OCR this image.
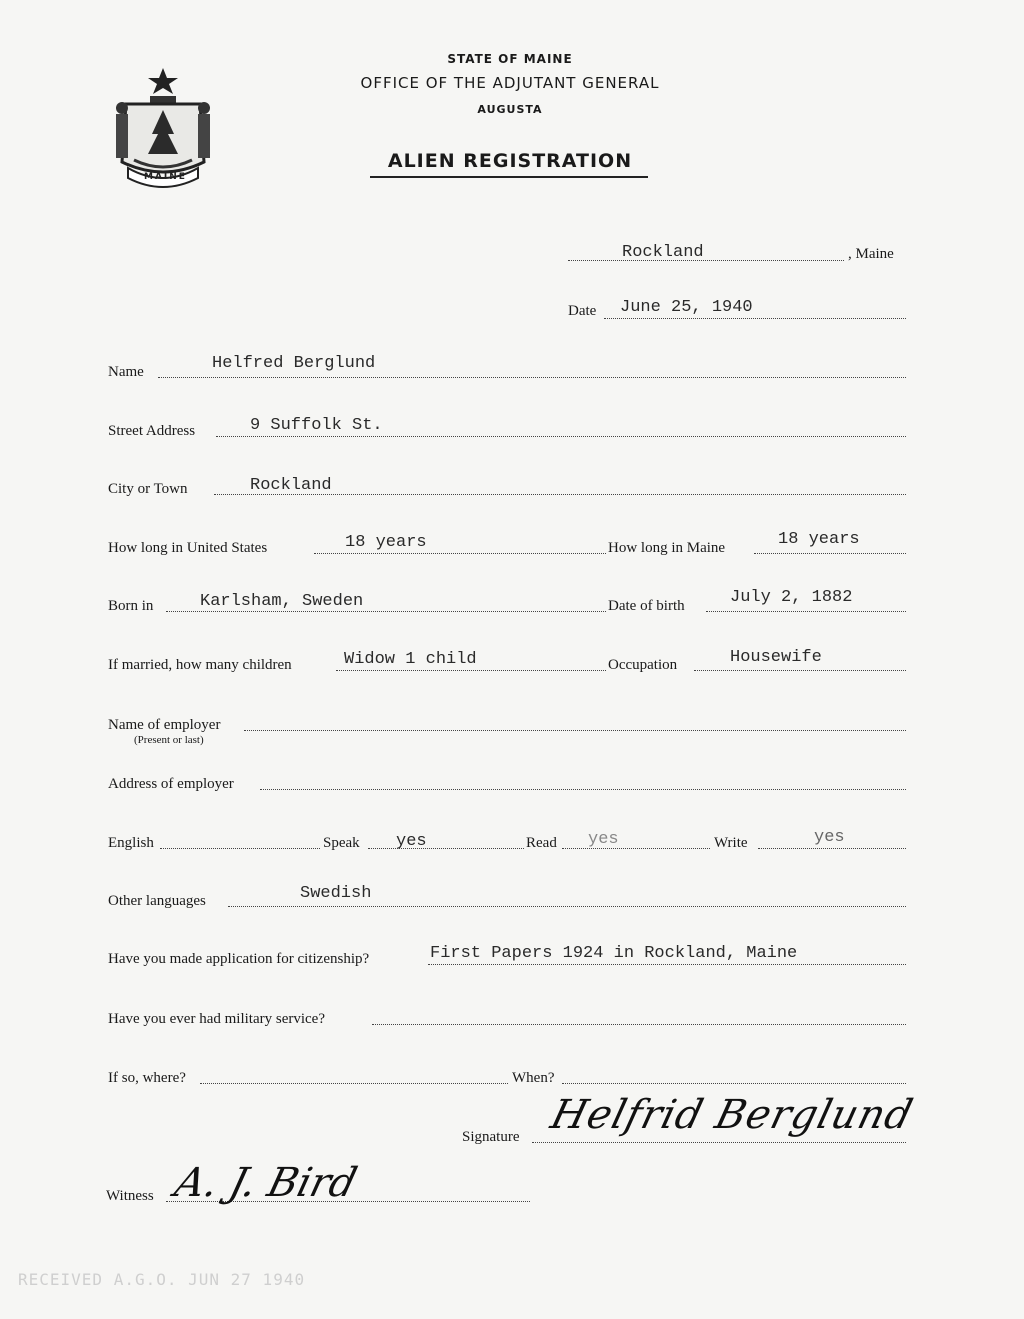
MAINE
STATE OF MAINE
OFFICE OF THE ADJUTANT GENERAL
AUGUSTA
ALIEN REGISTRATION
Rockland	, Maine
Date June 25, 1940
Name	Helfred Berglund
Street Address	9 Suffolk St.
City or Town	Rockland
How long in United States	18 years	How long in Maine	18 years
Born in	Karlsham, Sweden	Date of birth	July 2, 1882
If married, how many children	Widow 1 child	Occupation	Housewife
Name of employer
(Present or last)
Address of employer
English	Speak yes	Read yes	Write	yes
Other languages	Swedish
Have you made application for citizenship?	First Papers 1924 in Rockland, Maine
Have you ever had military service?
If so, where?	When?
Signature Helfrid Berglund
Witness A. J. Bird
RECEIVED A.G.O. JUN 27 1940
